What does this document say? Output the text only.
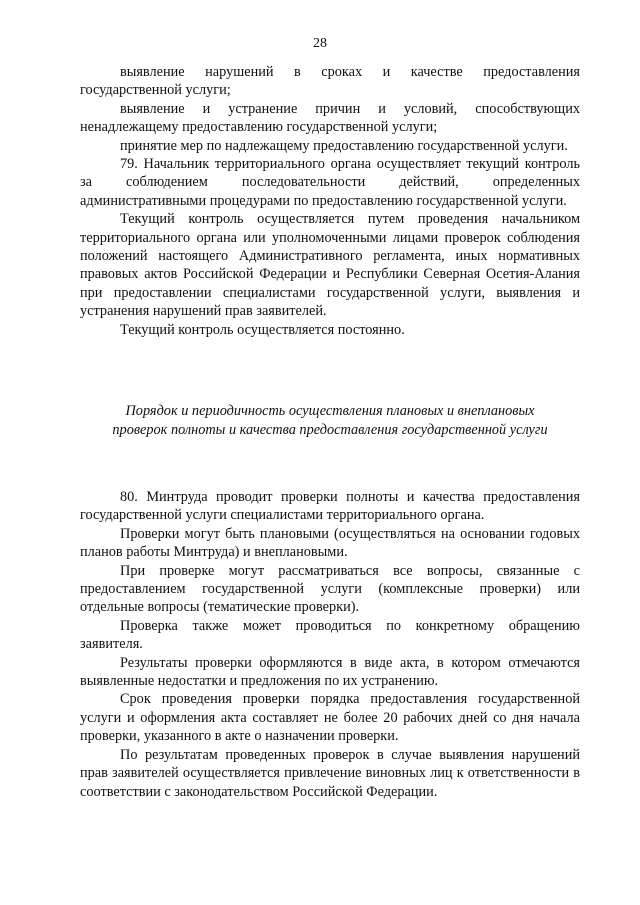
28

выявление нарушений в сроках и качестве предоставления государственной услуги;

выявление и устранение причин и условий, способствующих ненадлежащему предоставлению государственной услуги;

принятие мер по надлежащему предоставлению государственной услуги.

79. Начальник территориального органа осуществляет текущий контроль за соблюдением последовательности действий, определенных административными процедурами по предоставлению государственной услуги.

Текущий контроль осуществляется путем проведения начальником территориального органа или уполномоченными лицами проверок соблюдения положений настоящего Административного регламента, иных нормативных правовых актов Российской Федерации и Республики Северная Осетия-Алания при предоставлении специалистами государственной услуги, выявления и устранения нарушений прав заявителей.

Текущий контроль осуществляется постоянно.

Порядок и периодичность осуществления плановых и внеплановых
проверок полноты и качества предоставления государственной услуги

80. Минтруда проводит проверки полноты и качества предоставления государственной услуги специалистами территориального органа.

Проверки могут быть плановыми (осуществляться на основании годовых планов работы Минтруда) и внеплановыми.

При проверке могут рассматриваться все вопросы, связанные с предоставлением государственной услуги (комплексные проверки) или отдельные вопросы (тематические проверки).

Проверка также может проводиться по конкретному обращению заявителя.

Результаты проверки оформляются в виде акта, в котором отмечаются выявленные недостатки и предложения по их устранению.

Срок проведения проверки порядка предоставления государственной услуги и оформления акта составляет не более 20 рабочих дней со дня начала проверки, указанного в акте о назначении проверки.

По результатам проведенных проверок в случае выявления нарушений прав заявителей осуществляется привлечение виновных лиц к ответственности в соответствии с законодательством Российской Федерации.
